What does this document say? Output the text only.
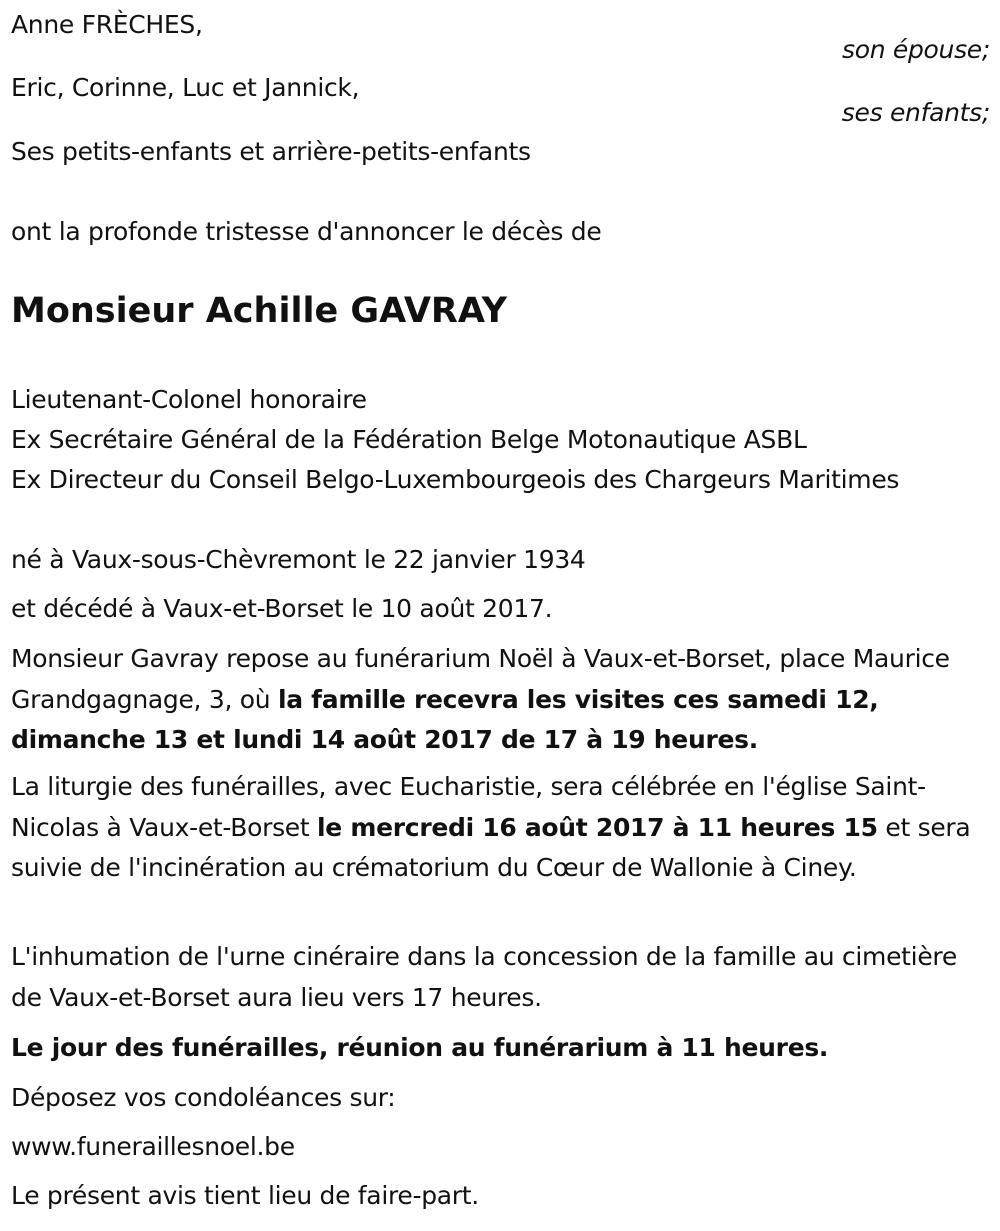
Anne FRÈCHES,
son épouse;
Eric, Corinne, Luc et Jannick,
ses enfants;
Ses petits-enfants et arrière-petits-enfants
ont la profonde tristesse d'annoncer le décès de
Monsieur Achille GAVRAY
Lieutenant-Colonel honoraire
Ex Secrétaire Général de la Fédération Belge Motonautique ASBL
Ex Directeur du Conseil Belgo-Luxembourgeois des Chargeurs Maritimes
né à Vaux-sous-Chèvremont le 22 janvier 1934
et décédé à Vaux-et-Borset le 10 août 2017.
Monsieur Gavray repose au funérarium Noël à Vaux-et-Borset, place Maurice Grandgagnage, 3, où la famille recevra les visites ces samedi 12, dimanche 13 et lundi 14 août 2017 de 17 à 19 heures.
La liturgie des funérailles, avec Eucharistie, sera célébrée en l'église Saint-Nicolas à Vaux-et-Borset le mercredi 16 août 2017 à 11 heures 15 et sera suivie de l'incinération au crématorium du Cœur de Wallonie à Ciney.
L'inhumation de l'urne cinéraire dans la concession de la famille au cimetière de Vaux-et-Borset aura lieu vers 17 heures.
Le jour des funérailles, réunion au funérarium à 11 heures.
Déposez vos condoléances sur:
www.funeraillesnoel.be
Le présent avis tient lieu de faire-part.
